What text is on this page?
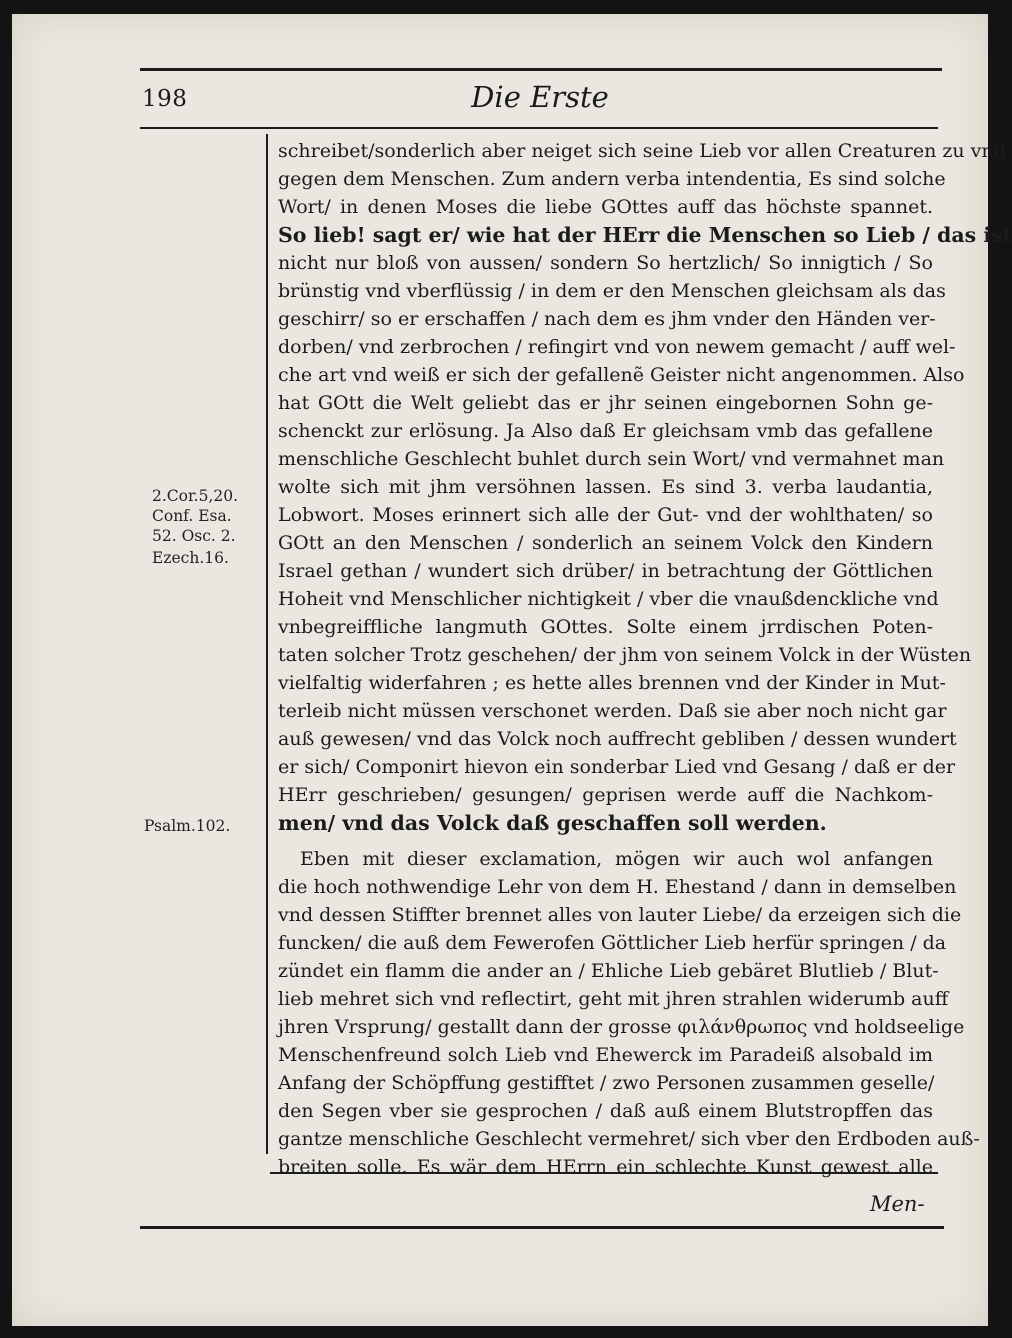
198	Die Erste
2.Cor.5,20.
Conf. Esa.
52. Osc. 2.
Ezech.16.
Psalm.102.
schreibet/sonderlich aber neiget sich seine Lieb vor allen Creaturen zu vnd
gegen dem Menschen. Zum andern verba intendentia, Es sind solche
Wort/ in denen Moses die liebe GOttes auff das höchste spannet.
So lieb! sagt er/ wie hat der HErr die Menschen so Lieb / das ist
nicht nur bloß von aussen/ sondern So hertzlich/ So innigtich / So
brünstig vnd vberflüssig / in dem er den Menschen gleichsam als das
geschirr/ so er erschaffen / nach dem es jhm vnder den Händen ver-
dorben/ vnd zerbrochen / refingirt vnd von newem gemacht / auff wel-
che art vnd weiß er sich der gefallenẽ Geister nicht angenommen. Also
hat GOtt die Welt geliebt das er jhr seinen eingebornen Sohn ge-
schenckt zur erlösung. Ja Also daß Er gleichsam vmb das gefallene
menschliche Geschlecht buhlet durch sein Wort/ vnd vermahnet man
wolte sich mit jhm versöhnen lassen. Es sind 3. verba laudantia,
Lobwort. Moses erinnert sich alle der Gut- vnd der wohlthaten/ so
GOtt an den Menschen / sonderlich an seinem Volck den Kindern
Israel gethan / wundert sich drüber/ in betrachtung der Göttlichen
Hoheit vnd Menschlicher nichtigkeit / vber die vnaußdenckliche vnd
vnbegreiffliche langmuth GOttes. Solte einem jrrdischen Poten-
taten solcher Trotz geschehen/ der jhm von seinem Volck in der Wüsten
vielfaltig widerfahren ; es hette alles brennen vnd der Kinder in Mut-
terleib nicht müssen verschonet werden. Daß sie aber noch nicht gar
auß gewesen/ vnd das Volck noch auffrecht gebliben / dessen wundert
er sich/ Componirt hievon ein sonderbar Lied vnd Gesang / daß er der
HErr geschrieben/ gesungen/ geprisen werde auff die Nachkom-
men/ vnd das Volck daß geschaffen soll werden.
Eben mit dieser exclamation, mögen wir auch wol anfangen
die hoch nothwendige Lehr von dem H. Ehestand / dann in demselben
vnd dessen Stiffter brennet alles von lauter Liebe/ da erzeigen sich die
funcken/ die auß dem Fewerofen Göttlicher Lieb herfür springen / da
zündet ein flamm die ander an / Ehliche Lieb gebäret Blutlieb / Blut-
lieb mehret sich vnd reflectirt, geht mit jhren strahlen widerumb auff
jhren Vrsprung/ gestallt dann der grosse φιλάνθρωπος vnd holdseelige
Menschenfreund solch Lieb vnd Ehewerck im Paradeiß alsobald im
Anfang der Schöpffung gestifftet / zwo Personen zusammen geselle/
den Segen vber sie gesprochen / daß auß einem Blutstropffen das
gantze menschliche Geschlecht vermehret/ sich vber den Erdboden auß-
breiten solle. Es wär dem HErrn ein schlechte Kunst gewest alle
Men-
